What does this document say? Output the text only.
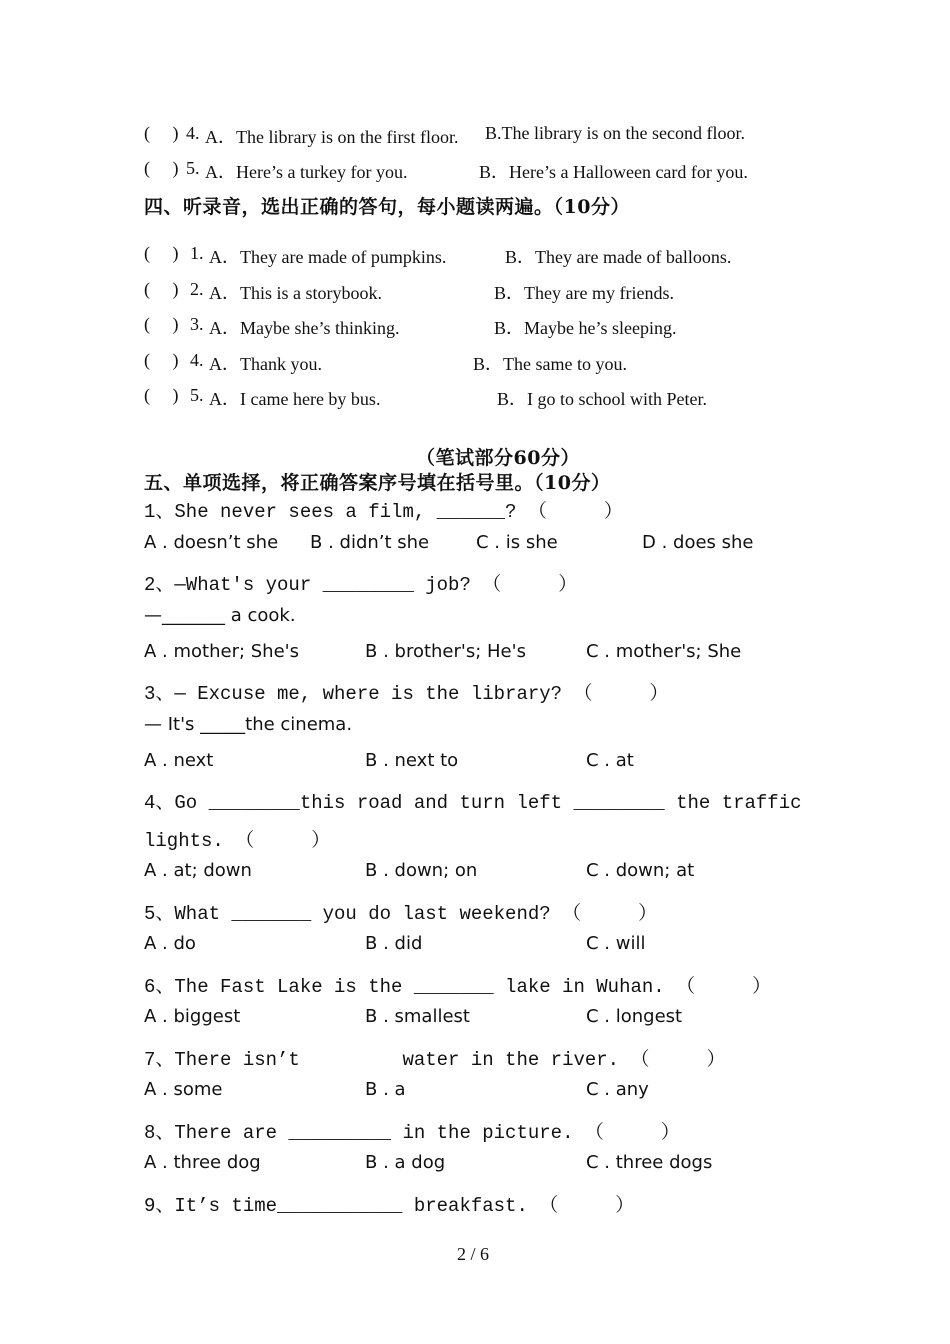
(     ) 4. A．The library is on the first floor. B.The library is on the second floor.
(     ) 5. A．Here’s a turkey for you.	B．Here’s a Halloween card for you.
四、听录音，选出正确的答句，每小题读两遍。（10分）
(     ) 1. A．They are made of pumpkins.	B．They are made of balloons.
(     ) 2. A．This is a storybook.	B．They are my friends.
(     ) 3. A．Maybe she’s thinking.	B．Maybe he’s sleeping.
(     ) 4. A．Thank you.	B．The same to you.
(     ) 5. A．I came here by bus.	B．I go to school with Peter.
（笔试部分60分）
五、单项选择，将正确答案序号填在括号里。（10分）
1、She never sees a film, ______? （     ）
A . doesn’t she B . didn’t she	C . is she	D . does she
2、—What's your ________ job? （     ）
—_______ a cook.
A . mother; She's	B . brother's; He's	C . mother's; She
3、— Excuse me, where is the library? （     ）
— It's _____the cinema.
A . next	B . next to	C . at
4、Go ________this road and turn left ________ the traffic
lights. （     ）
A . at; down	B . down; on	C . down; at
5、What _______ you do last weekend? （     ）
A . do	B . did	C . will
6、The Fast Lake is the _______ lake in Wuhan. （     ）
A . biggest	B . smallest	C . longest
7、There isn’t         water in the river. （     ）
A . some	B . a	C . any
8、There are _________ in the picture. （     ）
A . three dog	B . a dog	C . three dogs
9、It’s time___________ breakfast. （     ）
2 / 6
